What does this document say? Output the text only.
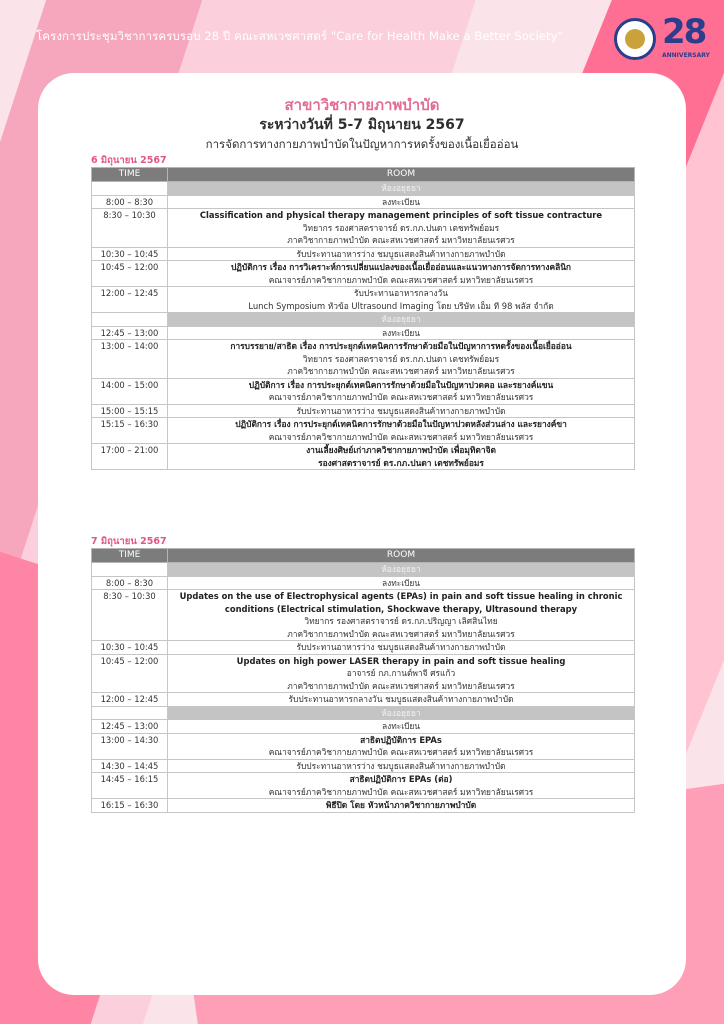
โครงการประชุมวิชาการครบรอบ 28 ปี คณะสหเวชศาสตร์ "Care for Health Make a Better Society"	28
ANNIVERSARY
สาขาวิชากายภาพบำบัด
ระหว่างวันที่ 5-7 มิถุนายน 2567
การจัดการทางกายภาพบำบัดในปัญหาการหดรั้งของเนื้อเยื่ออ่อน
6 มิถุนายน 2567
TIME	ROOM
	ห้องอยุธยา
8:00 – 8:30	ลงทะเบียน

8:30 – 10:30	Classification and physical therapy management principles of soft tissue contracture
วิทยากร รองศาสตราจารย์ ดร.กภ.ปนดา เตชทรัพย์อมร
ภาควิชากายภาพบำบัด คณะสหเวชศาสตร์ มหาวิทยาลัยนเรศวร

10:30 – 10:45	รับประทานอาหารว่าง ชมบูธแสดงสินค้าทางกายภาพบำบัด

10:45 – 12:00	ปฏิบัติการ เรื่อง การวิเคราะห์การเปลี่ยนแปลงของเนื้อเยื่ออ่อนและแนวทางการจัดการทางคลินิก
คณาจารย์ภาควิชากายภาพบำบัด คณะสหเวชศาสตร์ มหาวิทยาลัยนเรศวร

12:00 – 12:45	รับประทานอาหารกลางวัน
Lunch Symposium หัวข้อ Ultrasound Imaging โดย บริษัท เอ็ม ที 98 พลัส จำกัด

	ห้องอยุธยา
12:45 – 13:00	ลงทะเบียน

13:00 – 14:00	การบรรยาย/สาธิต เรื่อง การประยุกต์เทคนิคการรักษาด้วยมือในปัญหาการหดรั้งของเนื้อเยื่ออ่อน
วิทยากร รองศาสตราจารย์ ดร.กภ.ปนดา เตชทรัพย์อมร
ภาควิชากายภาพบำบัด คณะสหเวชศาสตร์ มหาวิทยาลัยนเรศวร

14:00 – 15:00	ปฏิบัติการ เรื่อง การประยุกต์เทคนิคการรักษาด้วยมือในปัญหาปวดคอ และรยางค์แขน
คณาจารย์ภาควิชากายภาพบำบัด คณะสหเวชศาสตร์ มหาวิทยาลัยนเรศวร

15:00 – 15:15	รับประทานอาหารว่าง ชมบูธแสดงสินค้าทางกายภาพบำบัด

15:15 – 16:30	ปฏิบัติการ เรื่อง การประยุกต์เทคนิคการรักษาด้วยมือในปัญหาปวดหลังส่วนล่าง และรยางค์ขา
คณาจารย์ภาควิชากายภาพบำบัด คณะสหเวชศาสตร์ มหาวิทยาลัยนเรศวร

17:00 – 21:00	งานเลี้ยงศิษย์เก่าภาควิชากายภาพบำบัด เพื่อมุทิตาจิต
รองศาสตราจารย์ ดร.กภ.ปนดา เตชทรัพย์อมร
7 มิถุนายน 2567
TIME	ROOM
	ห้องอยุธยา
8:00 – 8:30	ลงทะเบียน

8:30 – 10:30	Updates on the use of Electrophysical agents (EPAs) in pain and soft tissue healing in chronic
conditions (Electrical stimulation, Shockwave therapy, Ultrasound therapy
วิทยากร รองศาสตราจารย์ ดร.กภ.ปริญญา เลิศสินไทย
ภาควิชากายภาพบำบัด คณะสหเวชศาสตร์ มหาวิทยาลัยนเรศวร

10:30 – 10:45	รับประทานอาหารว่าง ชมบูธแสดงสินค้าทางกายภาพบำบัด

10:45 – 12:00	Updates on high power LASER therapy in pain and soft tissue healing
อาจารย์ กภ.กานต์พาจี ศรแก้ว
ภาควิชากายภาพบำบัด คณะสหเวชศาสตร์ มหาวิทยาลัยนเรศวร

12:00 – 12:45	รับประทานอาหารกลางวัน ชมบูธแสดงสินค้าทางกายภาพบำบัด

	ห้องอยุธยา
12:45 – 13:00	ลงทะเบียน

13:00 – 14:30	สาธิตปฏิบัติการ EPAs
คณาจารย์ภาควิชากายภาพบำบัด คณะสหเวชศาสตร์ มหาวิทยาลัยนเรศวร

14:30 – 14:45	รับประทานอาหารว่าง ชมบูธแสดงสินค้าทางกายภาพบำบัด

14:45 – 16:15	สาธิตปฏิบัติการ EPAs (ต่อ)
คณาจารย์ภาควิชากายภาพบำบัด คณะสหเวชศาสตร์ มหาวิทยาลัยนเรศวร

16:15 – 16:30	พิธีปิด โดย หัวหน้าภาควิชากายภาพบำบัด
